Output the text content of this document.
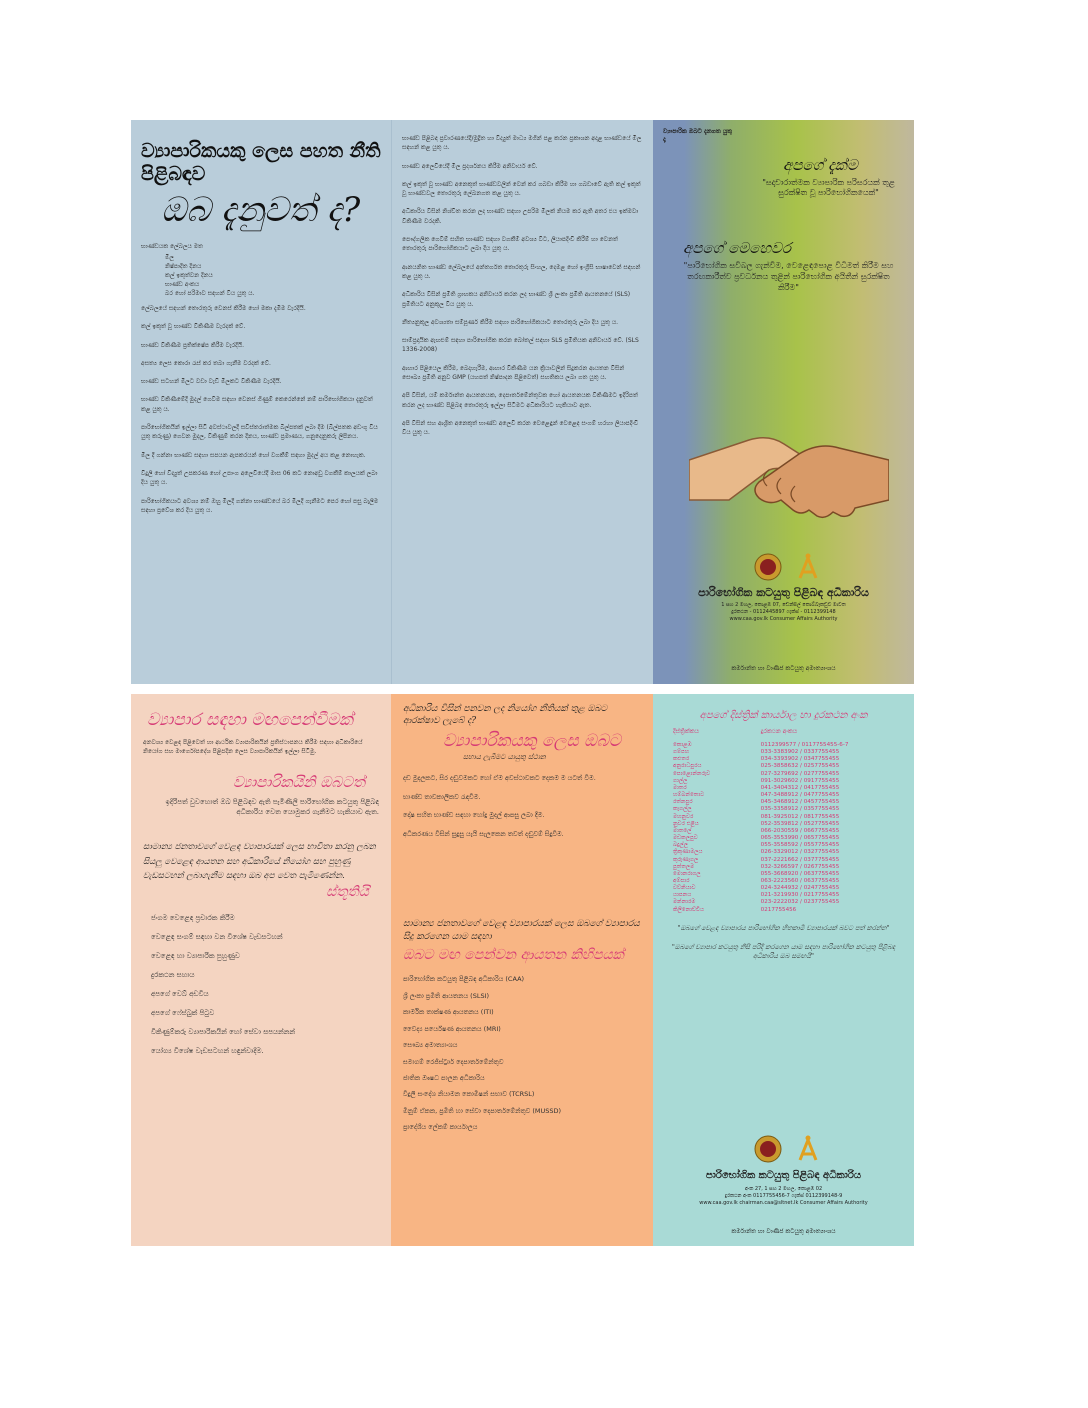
ව්‍යාපාරිකයකු ලෙස පහත නීති පිළිබඳව
ඔබ දැනුවත් ද?
භාණ්ඩයක ලේබලය මත
මිල
නිෂ්පාදිත දිනය
කල් ඉකුත්වන දිනය
භාණ්ඩ අංකය
බර හෝ පරිමාව සඳහන් විය යුතු ය.

ලේබලයේ සඳහන් තොරතුරු වෙනස් කිරීම හෝ මකා දැමීම වැරදියි.

කල් ඉකුත් වූ භාණ්ඩ විකිණීම වැරදක් වේ.

භාණ්ඩ විකිණීම ප්‍රතික්ෂේප කිරීම වැරදියි.

අසත්‍ය ලෙස කොරා රැස් කර තබා ගැනීම වරදක් වේ.

භාණ්ඩ සටහන් මිලට වඩා වැඩි මිලකට විකිණීම වැරදියි.

භාණ්ඩ විකිණීමේදී මුදල් ගෙවීම සඳහා වෙනස් ගිණුම් කෙරෙන්නේ නම් පාරිභෝගිකයා දැනුවත් කළ යුතු ය.

පාරිභෝගිකයින් ඉල්ලා සිටි අවස්ථාවලදී සවිස්තරාත්මක බිල්පතක් ලබා දීම (බිල්පතක අඩංගු විය යුතු කරුණු) ගෙවන මුදල, විකිණුම් කරන දිනය, භාණ්ඩ ප්‍රමාණය, ගනුදෙනුකරු ලිපිනය.

මිල දී ගන්නා භාණ්ඩ සඳහා සපයන ඇපකරයන් හෝ වගකීම් සඳහා මුදල් අය කළ නොහැක.

විදුලි හෝ විද්‍යුත් උපකරණ හෝ උපාංග අලෙවියේදී මාස 06 කට නොඅඩු වගකීම් කාලයක් ලබා දිය යුතු ය.

පාරිභෝගිකයාට අවශ්‍ය නම් ඔහු මිලදී ගන්නා භාණ්ඩයේ බර මිලදී ගැනීමට පෙර හෝ පසු බැලීම සඳහා ප්‍රවේශ කර දිය යුතු ය.

භාණ්ඩ පිළිබඳ ප්‍රචාරණයේදී/මුද්‍රිත හා විද්‍යුත් මාධ්‍ය මගින් පළ කරන ප්‍රකාශන අදාළ භාණ්ඩයේ මිල සඳහන් කළ යුතු ය.

භාණ්ඩ අලෙවියේදී මිල ප්‍රදර්ශනය කිරීම අනිවාර්ය වේ.

කල් ඉකුත් වූ භාණ්ඩ අනෙකුත් භාණ්ඩවලින් වෙන් කර ගබඩා කිරීම හා ගබඩාවේ ඇති කල් ඉකුත් වූ භාණ්ඩවල තොරතුරු ලේඛනගත කළ යුතු ය.

අධිකාරිය විසින් නිශ්චිත කරන ලද භාණ්ඩ සඳහා උපරිම මිලක් නියම කර ඇති අතර එය ඉක්මවා විකිණීම වරදකි.

පෞද්ගලික ගෙවීම් සහිත භාණ්ඩ සඳහා වගකීම් අවශ්‍ය විට, ලියාපදිංචි කිරීම් හා වෙනත් තොරතුරු පාරිභෝගිකයාට ලබා දිය යුතු ය.

ආනයනිත භාණ්ඩ ලේබලයේ අන්තර්ගත තොරතුරු සිංහල, දෙමළ හෝ ඉංග්‍රීසි භාෂාවෙන් සඳහන් කළ යුතු ය.

අධිකාරිය විසින් ප්‍රමිති ග්‍රාහකය අනිවාර්ය කරන ලද භාණ්ඩ ශ්‍රී ලංකා ප්‍රමිති ආයතනයේ (SLS) ප්‍රමිතියට අනුකූල විය යුතු ය.

නීත්‍යනුකූල අවශ්‍යතා සම්පූර්ණ කිරීම සඳහා පාරිභෝගිකයාට තොරතුරු ලබා දිය යුතු ය.

සාම්ප්‍රදායික ඇඟළුම් සඳහා පාරිභෝගික කරන බෝතල් සඳහා SLS ප්‍රමිතියක අනිවාර්ය වේ. (SLS 1336-2008)

ආහාර පිළියෙල කිරීම, බෙදාහැරීම, ආහාර විකිණීම යන ක්‍රියාවලීන් සිදුකරන ආයතන විසින් සෞඛ්‍ය ප්‍රමිති අනුව GMP (යහපත් නිෂ්පාදන පිළිවෙත්) සහතිකය ලබා ගත යුතු ය.

අපි විසින්, යම් කර්මාන්ත ආයතනයක, දෙපාර්තමේන්තුවක හෝ ආයතනයක විකිණීමට ඉදිරිපත් කරන ලද භාණ්ඩ පිළිබඳ තොරතුරු ඉල්ලා සිටීමට අධිකාරියට හැකියාව ඇත.

අපි විසින් සහ ආශ්‍රිත අනෙකුත් භාණ්ඩ අලෙවි කරන වෙළෙඳුන් වෙළෙඳ සංගම් හරහා ලියාපදිංචි විය යුතු ය.

ව්‍යාපාරික ඔබට දැනගත යුතු දෑ
අපගේ දැක්ම
"සදාචාරාත්මක ව්‍යාපාරික පරිසරයක් තුළ සුරක්ෂිත වූ පාරිභෝගිකයෙක්"
අපගේ මෙහෙවර
"පාරිභෝගික සවිබල ගැන්වීම, වෙළෙඳපොළ විධිමත් කිරීම සහ තරඟකාරීත්ව ප්‍රවර්ධනය තුළින් පාරිභෝගික අයිතීන් සුරක්ෂිත කිරීම"
පාරිභෝගික කටයුතු පිළිබඳ අධිකාරිය
1 සහ 2 මහල, කොළඹ 07, ඩෙන්සිල් කොබ්බෑකඩුව මාවත
දුරකථන - 0112445897 ෆැක්ස් - 0112399148
www.caa.gov.lk Consumer Affairs Authority
කර්මාන්ත හා වාණිජ කටයුතු අමාත්‍යාංශය
ව්‍යාපාර සඳහා මඟපෙන්වීමක්

අනවශ්‍ය වෙළඳ පිළිවෙත් හා ආර්ථික ව්‍යාපාරිකයින් ප්‍රතිස්ථාපනය කිරීම සඳහා අධිකාරියේ නියෝග සහ මාර්ගෝපදේශ පිළිපදින ලෙස ව්‍යාපාරිකයින් ඉල්ලා සිටිමු.

ව්‍යාපාරිකයිනි ඔබටත්

ඉදිරිපත් වුවහොත් ඔබ පිළිබඳව ඇති පැමිණිලි පාරිභෝගික කටයුතු පිළිබඳ අධිකාරිය වෙත යොමුකර ගැනීමට හැකියාව ඇත.

සාමාන්‍ය ජනතාවගේ වෙළඳ ව්‍යාපාරයක් ලෙස භාවිතා කරනු ලබන සියලු වෙළෙඳ ආයතන සහ අධිකාරියේ නියෝග සහ පුහුණු වැඩසටහන් ලබාගැනීම සඳහා ඔබ අප වෙත පැමිණෙන්න.

ස්තූතියි

ජංගම වෙළෙඳ ප්‍රචාරක කිරීම

වෙළෙඳ සංගම් සඳහා වන විශේෂ වැඩසටහන්

වෙළෙඳ හා ව්‍යාපාරික පුහුණුව

දුරකථන සහාය

අපගේ වෙබ් අඩවිය

අපගේ ෆේස්බුක් පිටුව

විකිණුම්කරු ව්‍යාපාරිකයින් හෝ සේවා සපයන්නන්

යෝග්‍ය විශේෂ වැඩසටහන් හඳුන්වාදීම.

අධිකාරිය විසින් පනවන ලද නියෝග නීතියක් තුළ ඔබට ආරක්ෂාව ලැබේ ද?
ව්‍යාපාරිකයකු ලෙස ඔබට
සහාය ලැබීමට යායුතු ස්ථාන

දඩ මුදලකට, සිර දඬුවමකට හෝ ඒම අවස්ථාවකට දෙකම ම යටත් වීම.

භාණ්ඩ තාවකාලිකව රැඳවීම.

දෝෂ සහිත භාණ්ඩ සඳහා හෝදු මුදල් ආපසු ලබා දීම.

අධිකරණය විසින් සුදුසු යැයි සැලකෙන තවත් දඬුවම් සිදුවීම.

සාමාන්‍ය ජනතාවගේ වෙළඳ ව්‍යාපාරයක් ලෙස ඔබගේ ව්‍යාපාරය සිදු කරගෙන යාම සඳහා
ඔබට මඟ පෙන්වන ආයතන කිහිපයක්

පාරිභෝගික කටයුතු පිළිබඳ අධිකාරිය (CAA)

ශ්‍රී ලංකා ප්‍රමිති ආයතනය (SLSI)

කාර්මික තාක්ෂණ ආයතනය (ITI)

වෛද්‍ය පර්යේෂණ ආයතනය (MRI)

සෞඛ්‍ය අමාත්‍යාංශය

සමාගම් රෙජිස්ට්‍රාර් දෙපාර්තමේන්තුව

ජාතික ඖෂධ පාලන අධිකාරිය

විදුලි සංදේශ නියාමන කොමිෂන් සභාව (TCRSL)

මිනුම් ඒකක, ප්‍රමිති හා සේවා දෙපාර්තමේන්තුව (MUSSD)

ප්‍රාදේශීය ලේකම් කාර්යාලය

අපගේ දිස්ත්‍රික් කාර්යාල හා දුරකථන අංක
දිස්ත්‍රික්කය	දුරකථන අංකය
කොළඹ	0112399577 / 0117755455-6-7
ගම්පහ	033-3383902 / 0337755455
කළුතර	034-3393902 / 0347755455
අනුරාධපුරය	025-3858632 / 0257755455
පොළොන්නරුව	027-3279692 / 0277755455
ගාල්ල	091-3029602 / 0917755455
මාතර	041-3404312 / 0417755455
හම්බන්තොට	047-3488912 / 0477755455
රත්නපුර	045-3468912 / 0457755455
කෑගල්ල	035-3358912 / 0357755455
මහනුවර	081-3925012 / 0817755455
නුවර එළිය	052-3539812 / 0527755455
මාතලේ	066-2030559 / 0667755455
මඩකලපුව	065-3553990 / 0657755455
බදුල්ල	055-3558592 / 0557755455
ත්‍රිකුණාමලය	026-3329012 / 0327755455
කුරුණෑගල	037-2221662 / 0377755455
පුත්තලම	032-3266597 / 0267755455
මොනරාගල	055-3668920 / 0637755455
අම්පාර	063-2223560 / 0637755455
වව්නියාව	024-3244932 / 0247755455
යාපනය	021-3219930 / 0217755455
මන්නාරම	023-2222032 / 0237755455
කිලිනොච්චිය	0217755456
"ඔබගේ වෙළඳ ව්‍යාපාරය පාරිභෝගික හිතකාමී ව්‍යාපාරයක් බවට පත් කරන්න"
"ඔබගේ ව්‍යාපාර කටයුතු නිසි පරිදි කරගෙන යාම සඳහා පාරිභෝගික කටයුතු පිළිබඳ අධිකාරිය ඔබ සමඟයි"
පාරිභෝගික කටයුතු පිළිබඳ අධිකාරිය
අංක 27, 1 සහ 2 මහල, කොළඹ 02
දුරකථන අංක 0117755456-7 ෆැක්ස් 0112399148-9
www.caa.gov.lk chairman.caa@sltnet.lk Consumer Affairs Authority
කර්මාන්ත හා වාණිජ කටයුතු අමාත්‍යාංශය
